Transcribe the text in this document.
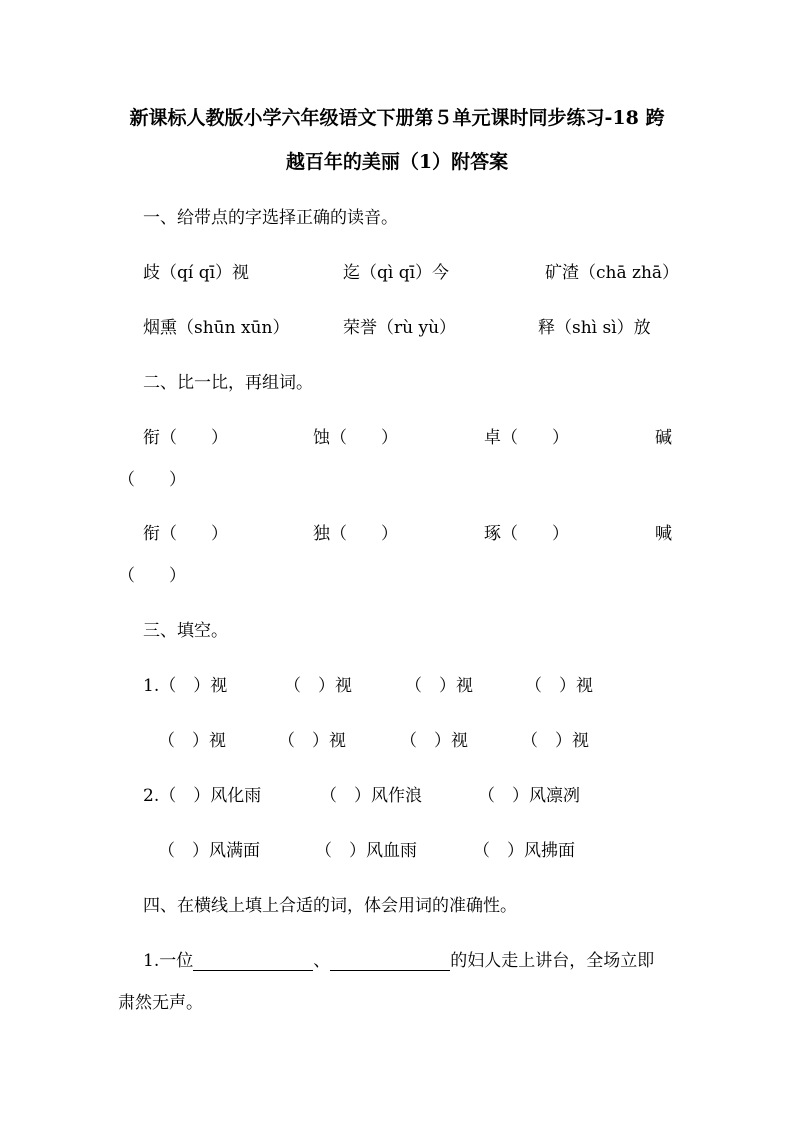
新课标人教版小学六年级语文下册第５单元课时同步练习-18 跨
越百年的美丽（1）附答案
一、给带点的字选择正确的读音。
歧（qí qī）视	迄（qì qī）今	矿渣（chā zhā）
烟熏（shūn xūn）	荣誉（rù yù）	释（shì sì）放
二、比一比，再组词。
衔（　　）	蚀（　　）	卓（　　）	碱
（　　）
衔（　　）	独（　　）	琢（　　）	喊
（　　）
三、填空。
1.（　）视	（　）视	（　）视	（　）视
（　）视	（　）视	（　）视	（　）视
2.（　）风化雨	（　）风作浪	（　）风凛冽
（　）风满面	（　）风血雨	（　）风拂面
四、在横线上填上合适的词，体会用词的准确性。
1.一位	、	的妇人走上讲台，全场立即
肃然无声。
